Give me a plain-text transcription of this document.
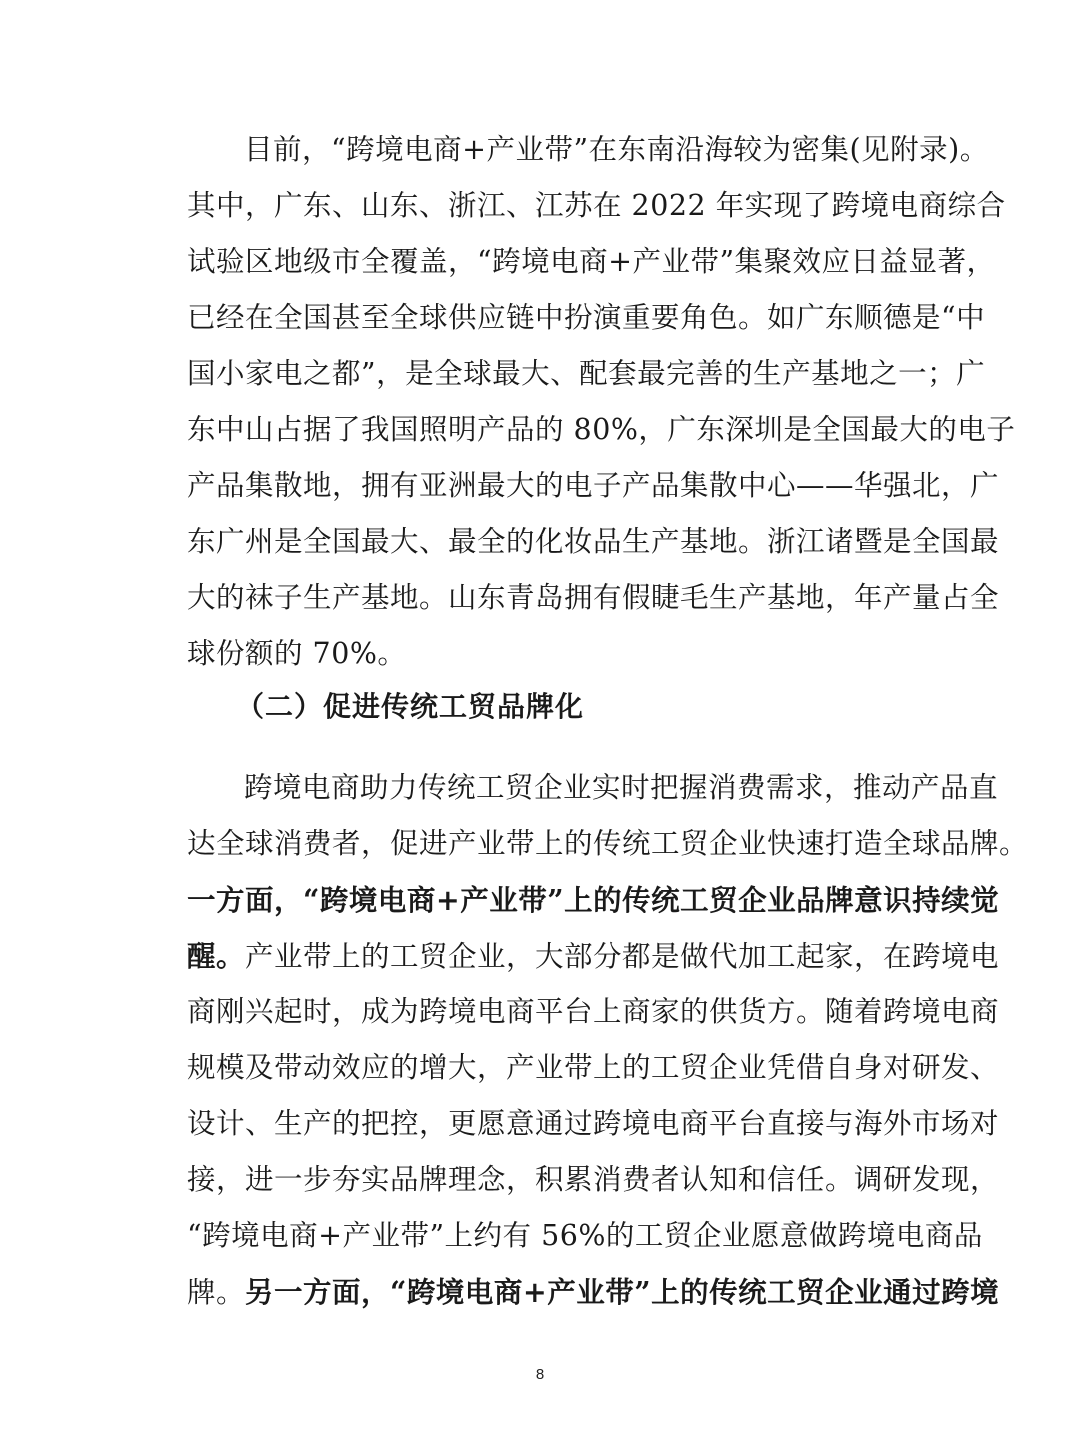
目前，“跨境电商+产业带”在东南沿海较为密集(见附录)。
其中，广东、山东、浙江、江苏在 2022 年实现了跨境电商综合
试验区地级市全覆盖，“跨境电商+产业带”集聚效应日益显著，
已经在全国甚至全球供应链中扮演重要角色。如广东顺德是“中
国小家电之都”，是全球最大、配套最完善的生产基地之一；广
东中山占据了我国照明产品的 80%，广东深圳是全国最大的电子
产品集散地，拥有亚洲最大的电子产品集散中心——华强北，广
东广州是全国最大、最全的化妆品生产基地。浙江诸暨是全国最
大的袜子生产基地。山东青岛拥有假睫毛生产基地，年产量占全
球份额的 70%。
（二）促进传统工贸品牌化
跨境电商助力传统工贸企业实时把握消费需求，推动产品直
达全球消费者，促进产业带上的传统工贸企业快速打造全球品牌。
一方面，“跨境电商+产业带”上的传统工贸企业品牌意识持续觉
醒。产业带上的工贸企业，大部分都是做代加工起家，在跨境电
商刚兴起时，成为跨境电商平台上商家的供货方。随着跨境电商
规模及带动效应的增大，产业带上的工贸企业凭借自身对研发、
设计、生产的把控，更愿意通过跨境电商平台直接与海外市场对
接，进一步夯实品牌理念，积累消费者认知和信任。调研发现，
“跨境电商+产业带”上约有 56%的工贸企业愿意做跨境电商品
牌。另一方面，“跨境电商+产业带”上的传统工贸企业通过跨境
8
